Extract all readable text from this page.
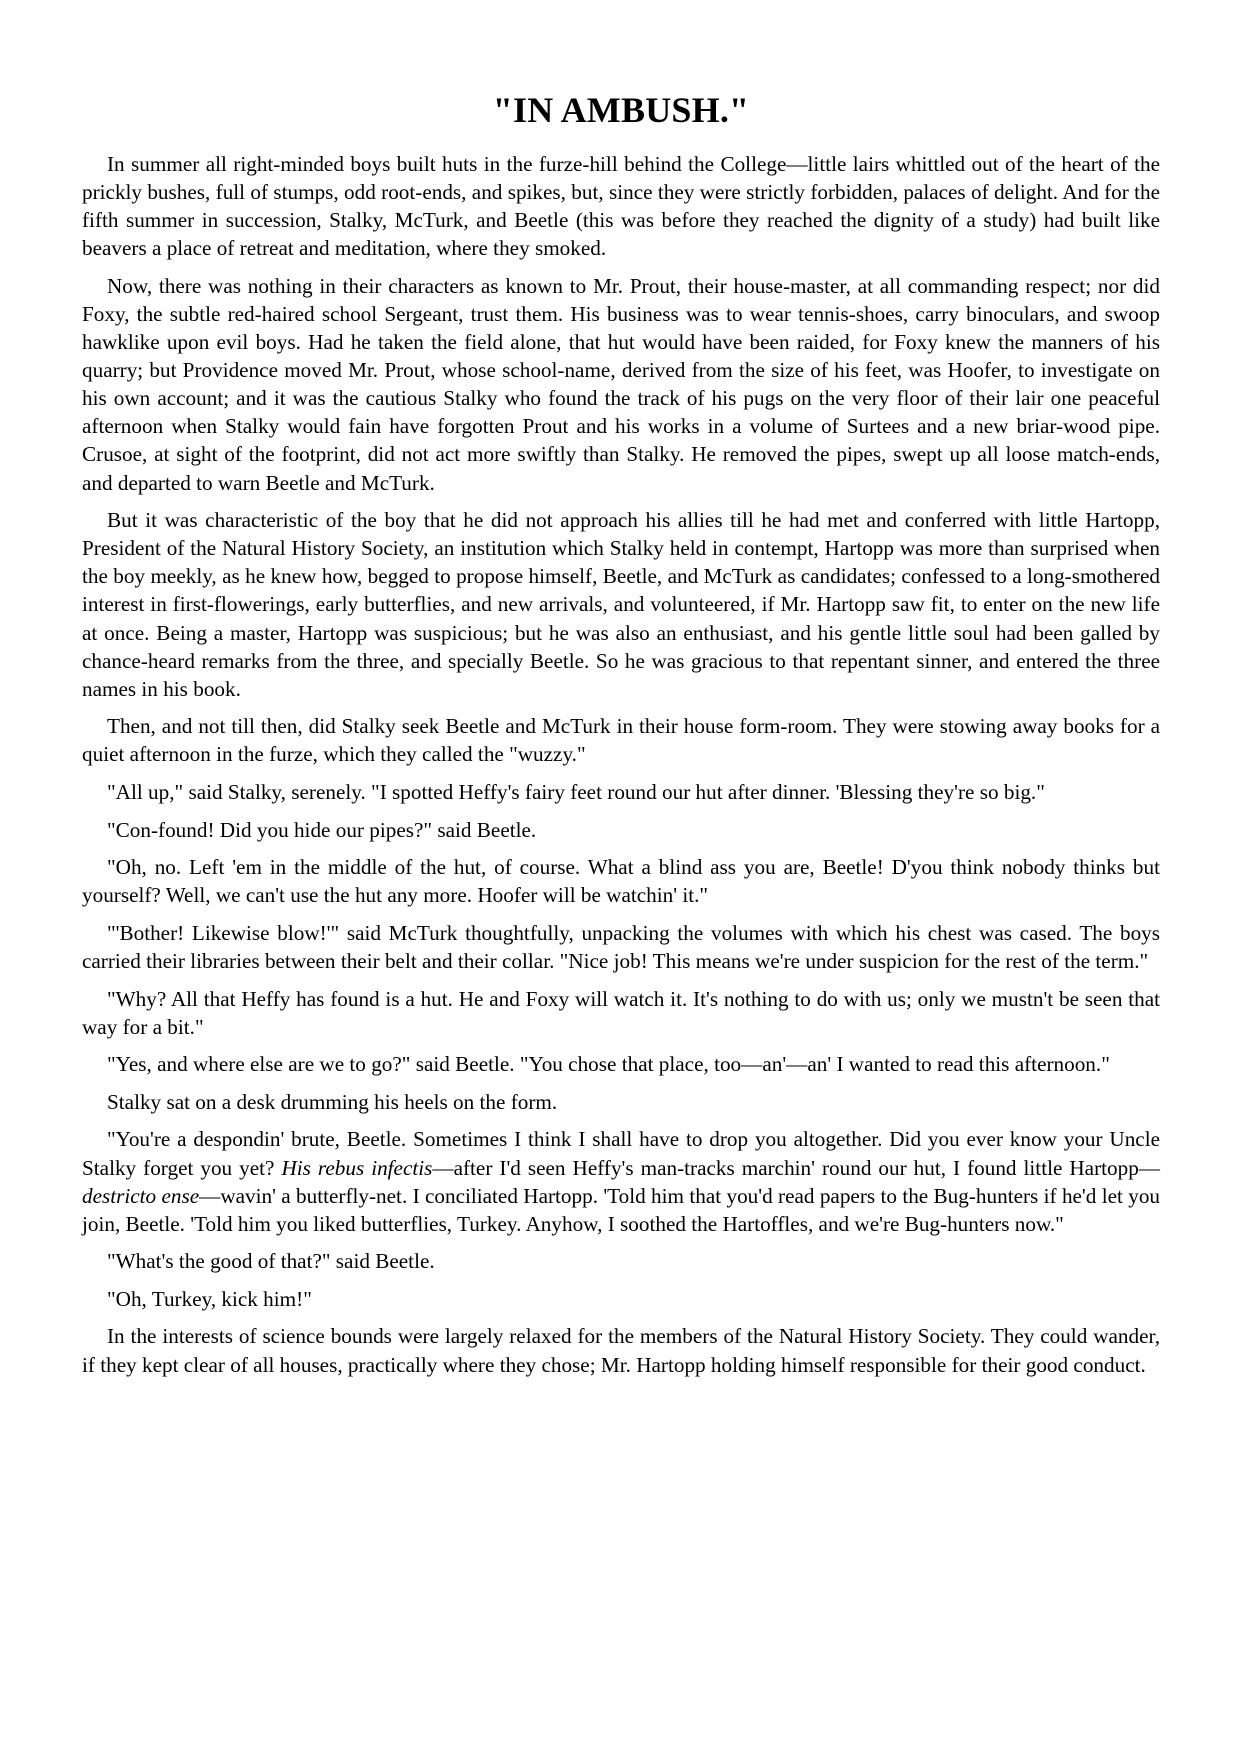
"IN AMBUSH."

In summer all right-minded boys built huts in the furze-hill behind the College—little lairs whittled out of the heart of the prickly bushes, full of stumps, odd root-ends, and spikes, but, since they were strictly forbidden, palaces of delight. And for the fifth summer in succession, Stalky, McTurk, and Beetle (this was before they reached the dignity of a study) had built like beavers a place of retreat and meditation, where they smoked.

Now, there was nothing in their characters as known to Mr. Prout, their house-master, at all commanding respect; nor did Foxy, the subtle red-haired school Sergeant, trust them. His business was to wear tennis-shoes, carry binoculars, and swoop hawklike upon evil boys. Had he taken the field alone, that hut would have been raided, for Foxy knew the manners of his quarry; but Providence moved Mr. Prout, whose school-name, derived from the size of his feet, was Hoofer, to investigate on his own account; and it was the cautious Stalky who found the track of his pugs on the very floor of their lair one peaceful afternoon when Stalky would fain have forgotten Prout and his works in a volume of Surtees and a new briar-wood pipe. Crusoe, at sight of the footprint, did not act more swiftly than Stalky. He removed the pipes, swept up all loose match-ends, and departed to warn Beetle and McTurk.

But it was characteristic of the boy that he did not approach his allies till he had met and conferred with little Hartopp, President of the Natural History Society, an institution which Stalky held in contempt, Hartopp was more than surprised when the boy meekly, as he knew how, begged to propose himself, Beetle, and McTurk as candidates; confessed to a long-smothered interest in first-flowerings, early butterflies, and new arrivals, and volunteered, if Mr. Hartopp saw fit, to enter on the new life at once. Being a master, Hartopp was suspicious; but he was also an enthusiast, and his gentle little soul had been galled by chance-heard remarks from the three, and specially Beetle. So he was gracious to that repentant sinner, and entered the three names in his book.

Then, and not till then, did Stalky seek Beetle and McTurk in their house form-room. They were stowing away books for a quiet afternoon in the furze, which they called the "wuzzy."

"All up," said Stalky, serenely. "I spotted Heffy's fairy feet round our hut after dinner. 'Blessing they're so big."

"Con-found! Did you hide our pipes?" said Beetle.

"Oh, no. Left 'em in the middle of the hut, of course. What a blind ass you are, Beetle! D'you think nobody thinks but yourself? Well, we can't use the hut any more. Hoofer will be watchin' it."

"'Bother! Likewise blow!'" said McTurk thoughtfully, unpacking the volumes with which his chest was cased. The boys carried their libraries between their belt and their collar. "Nice job! This means we're under suspicion for the rest of the term."

"Why? All that Heffy has found is a hut. He and Foxy will watch it. It's nothing to do with us; only we mustn't be seen that way for a bit."

"Yes, and where else are we to go?" said Beetle. "You chose that place, too—an'—an' I wanted to read this afternoon."

Stalky sat on a desk drumming his heels on the form.

"You're a despondin' brute, Beetle. Sometimes I think I shall have to drop you altogether. Did you ever know your Uncle Stalky forget you yet? His rebus infectis—after I'd seen Heffy's man-tracks marchin' round our hut, I found little Hartopp—destricto ense—wavin' a butterfly-net. I conciliated Hartopp. 'Told him that you'd read papers to the Bug-hunters if he'd let you join, Beetle. 'Told him you liked butterflies, Turkey. Anyhow, I soothed the Hartoffles, and we're Bug-hunters now."

"What's the good of that?" said Beetle.

"Oh, Turkey, kick him!"

In the interests of science bounds were largely relaxed for the members of the Natural History Society. They could wander, if they kept clear of all houses, practically where they chose; Mr. Hartopp holding himself responsible for their good conduct.
